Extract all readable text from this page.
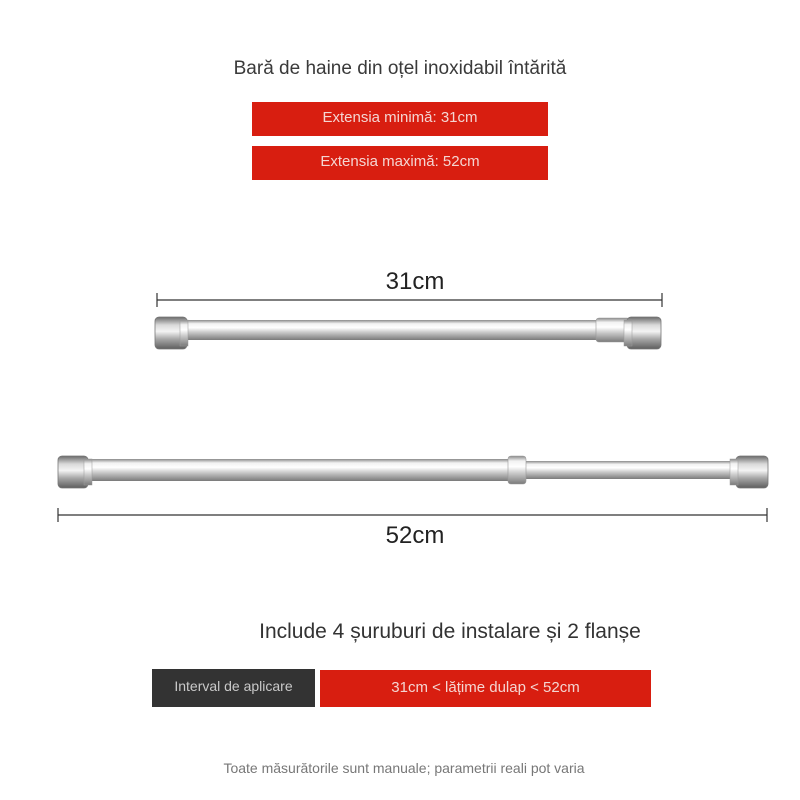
Bară de haine din oțel inoxidabil întărită
Extensia minimă: 31cm
Extensia maximă: 52cm
31cm
52cm
Include 4 șuruburi de instalare și 2 flanșe
Interval de aplicare	31cm < lățime dulap < 52cm
Toate măsurătorile sunt manuale; parametrii reali pot varia
